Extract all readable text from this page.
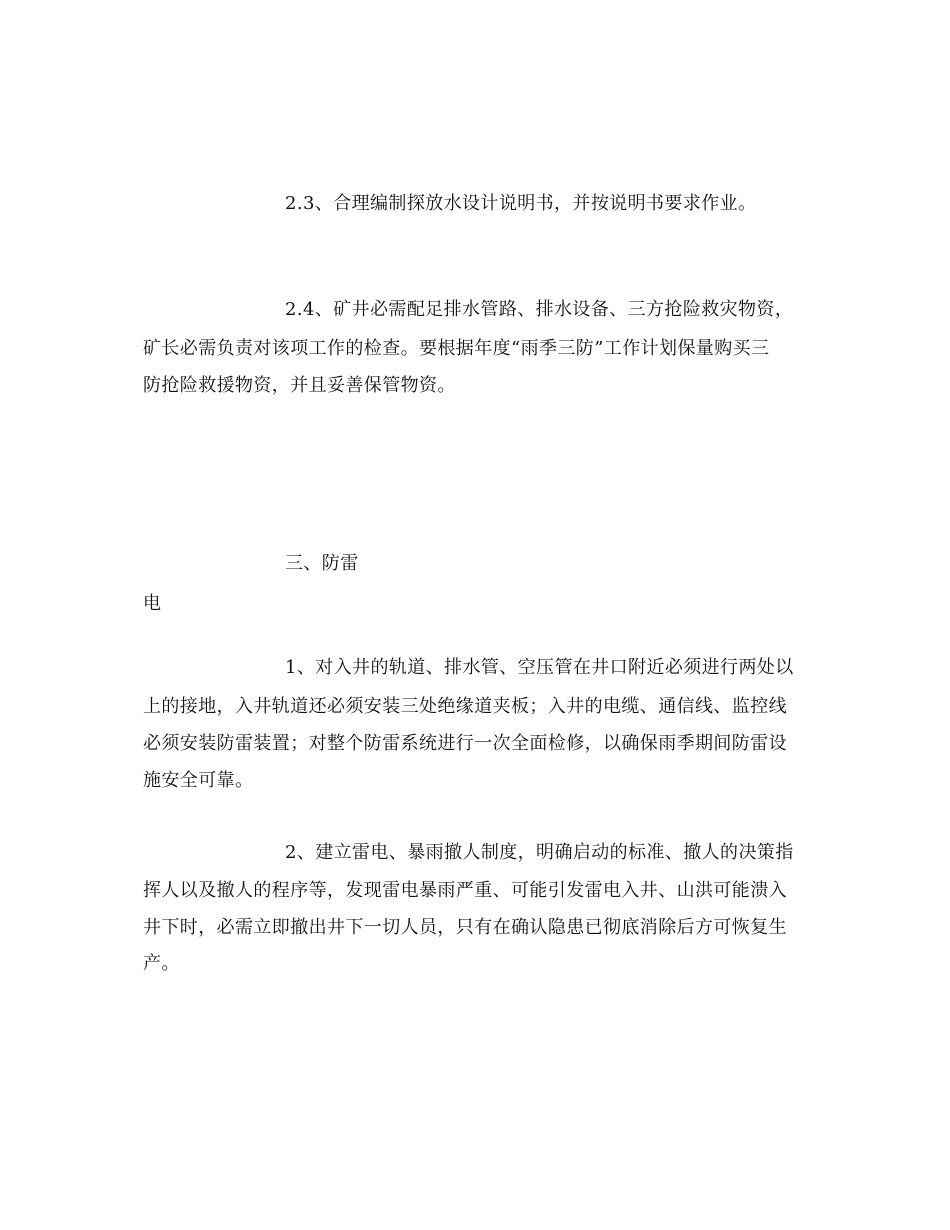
2.3、合理编制探放水设计说明书，并按说明书要求作业。
2.4、矿井必需配足排水管路、排水设备、三方抢险救灾物资，
矿长必需负责对该项工作的检查。要根据年度“雨季三防”工作计划保量购买三
防抢险救援物资，并且妥善保管物资。
三、防雷
电
1、对入井的轨道、排水管、空压管在井口附近必须进行两处以
上的接地，入井轨道还必须安装三处绝缘道夹板；入井的电缆、通信线、监控线
必须安装防雷装置；对整个防雷系统进行一次全面检修，以确保雨季期间防雷设
施安全可靠。
2、建立雷电、暴雨撤人制度，明确启动的标准、撤人的决策指
挥人以及撤人的程序等，发现雷电暴雨严重、可能引发雷电入井、山洪可能溃入
井下时，必需立即撤出井下一切人员，只有在确认隐患已彻底消除后方可恢复生
产。
